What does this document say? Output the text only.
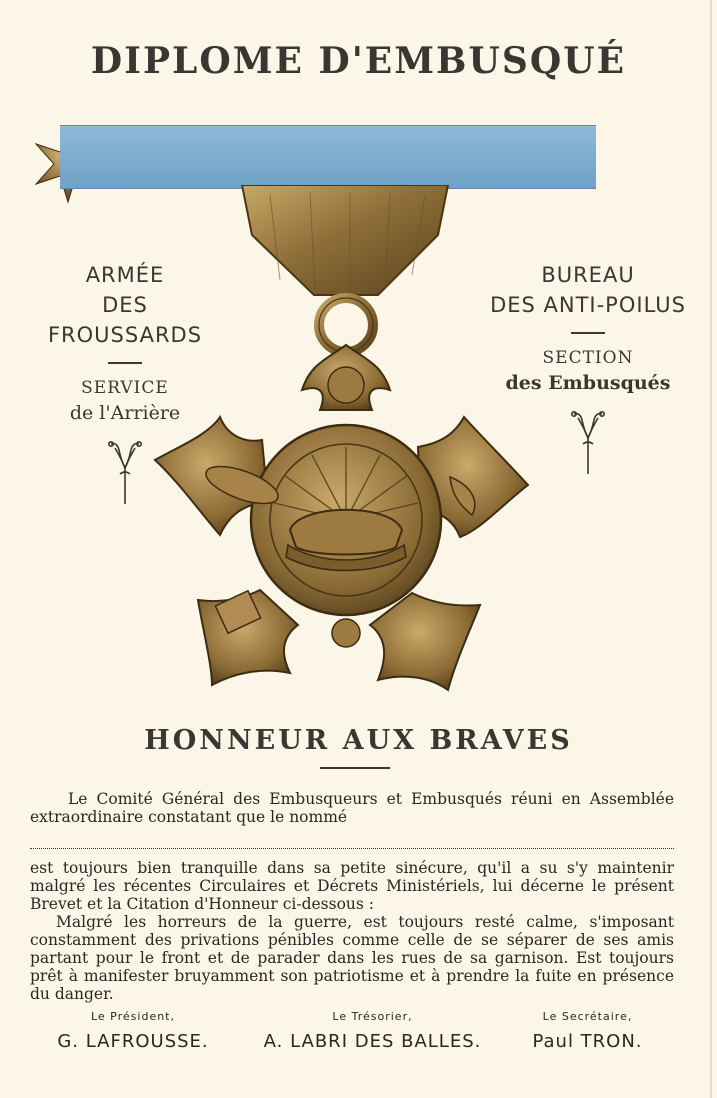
DIPLOME D'EMBUSQUÉ
ARMÉE
DES FROUSSARDS
SERVICE
de l'Arrière
BUREAU
DES ANTI-POILUS
SECTION
des Embusqués
HONNEUR AUX BRAVES

Le Comité Général des Embusqueurs et Embusqués réuni en Assemblée extraordinaire constatant que le nommé

est toujours bien tranquille dans sa petite sinécure, qu'il a su s'y maintenir malgré les récentes Circulaires et Décrets Ministériels, lui décerne le présent Brevet et la Citation d'Honneur ci-dessous :

Malgré les horreurs de la guerre, est toujours resté calme, s'imposant constamment des privations pénibles comme celle de se séparer de ses amis partant pour le front et de parader dans les rues de sa garnison. Est toujours prêt à manifester bruyamment son patriotisme et à prendre la fuite en présence du danger.

Le Président,
G. LAFROUSSE.
Le Trésorier,
A. LABRI DES BALLES.
Le Secrétaire,
Paul TRON.
